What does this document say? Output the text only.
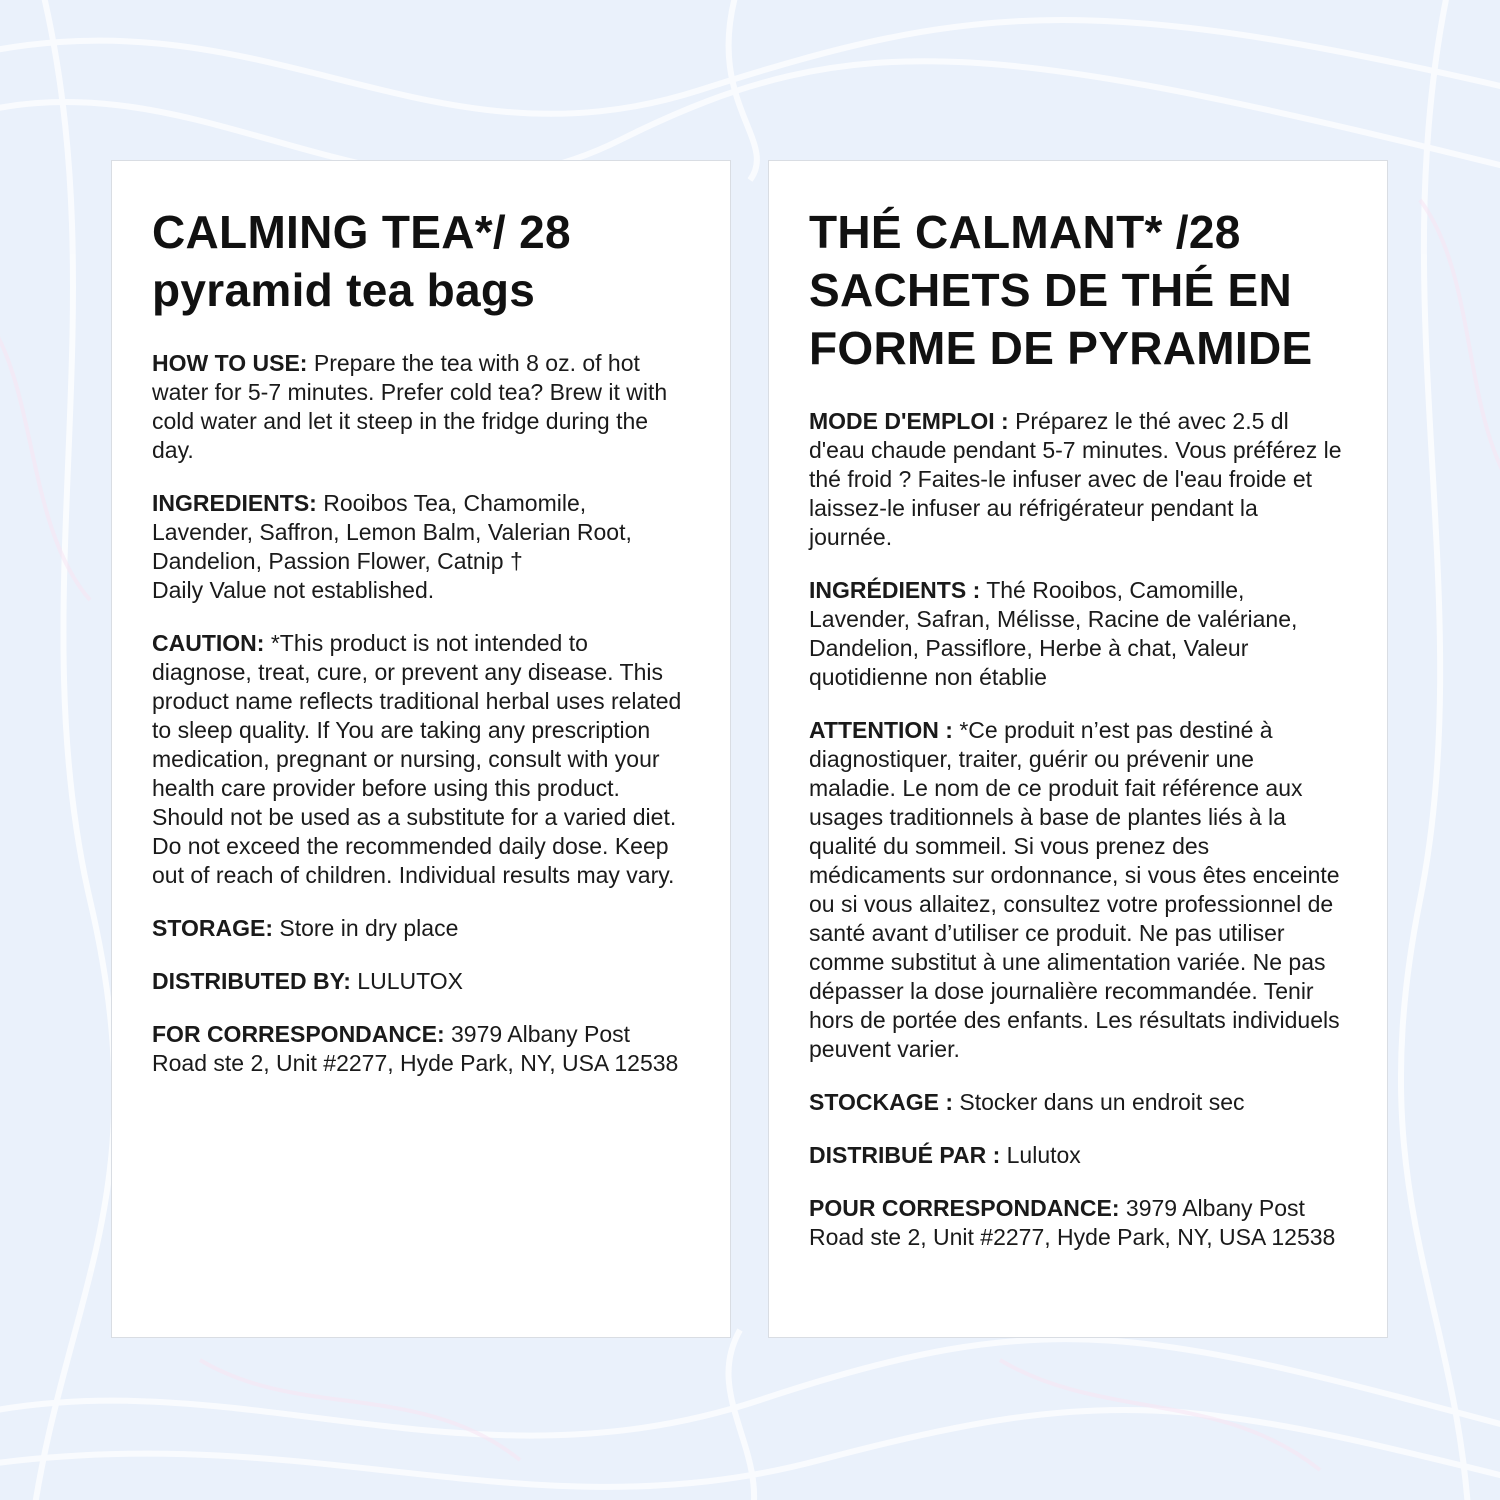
CALMING TEA*/ 28
pyramid tea bags

HOW TO USE: Prepare the tea with 8 oz. of hot water for 5-7 minutes. Prefer cold tea? Brew it with cold water and let it steep in the fridge during the day.

INGREDIENTS: Rooibos Tea, Chamomile, Lavender, Saffron, Lemon Balm, Valerian Root, Dandelion, Passion Flower, Catnip †
Daily Value not established.

CAUTION: *This product is not intended to diagnose, treat, cure, or prevent any disease. This product name reflects traditional herbal uses related to sleep quality. If You are taking any prescription medication, pregnant or nursing, consult with your health care provider before using this product. Should not be used as a substitute for a varied diet. Do not exceed the recommended daily dose. Keep out of reach of children. Individual results may vary.

STORAGE: Store in dry place

DISTRIBUTED BY: LULUTOX

FOR CORRESPONDANCE: 3979 Albany Post Road ste 2, Unit #2277, Hyde Park, NY, USA 12538

THÉ CALMANT* /28
SACHETS DE THÉ EN
FORME DE PYRAMIDE

MODE D'EMPLOI : Préparez le thé avec 2.5 dl d'eau chaude pendant 5-7 minutes. Vous préférez le thé froid ? Faites-le infuser avec de l'eau froide et laissez-le infuser au réfrigérateur pendant la journée.

INGRÉDIENTS : Thé Rooibos, Camomille, Lavender, Safran, Mélisse, Racine de valériane, Dandelion, Passiflore, Herbe à chat, Valeur quotidienne non établie

ATTENTION : *Ce produit n’est pas destiné à diagnostiquer, traiter, guérir ou prévenir une maladie. Le nom de ce produit fait référence aux usages traditionnels à base de plantes liés à la qualité du sommeil. Si vous prenez des médicaments sur ordonnance, si vous êtes enceinte ou si vous allaitez, consultez votre professionnel de santé avant d’utiliser ce produit. Ne pas utiliser comme substitut à une alimentation variée. Ne pas dépasser la dose journalière recommandée. Tenir hors de portée des enfants. Les résultats individuels peuvent varier.

STOCKAGE : Stocker dans un endroit sec

DISTRIBUÉ PAR : Lulutox

POUR CORRESPONDANCE: 3979 Albany Post Road ste 2, Unit #2277, Hyde Park, NY, USA 12538
